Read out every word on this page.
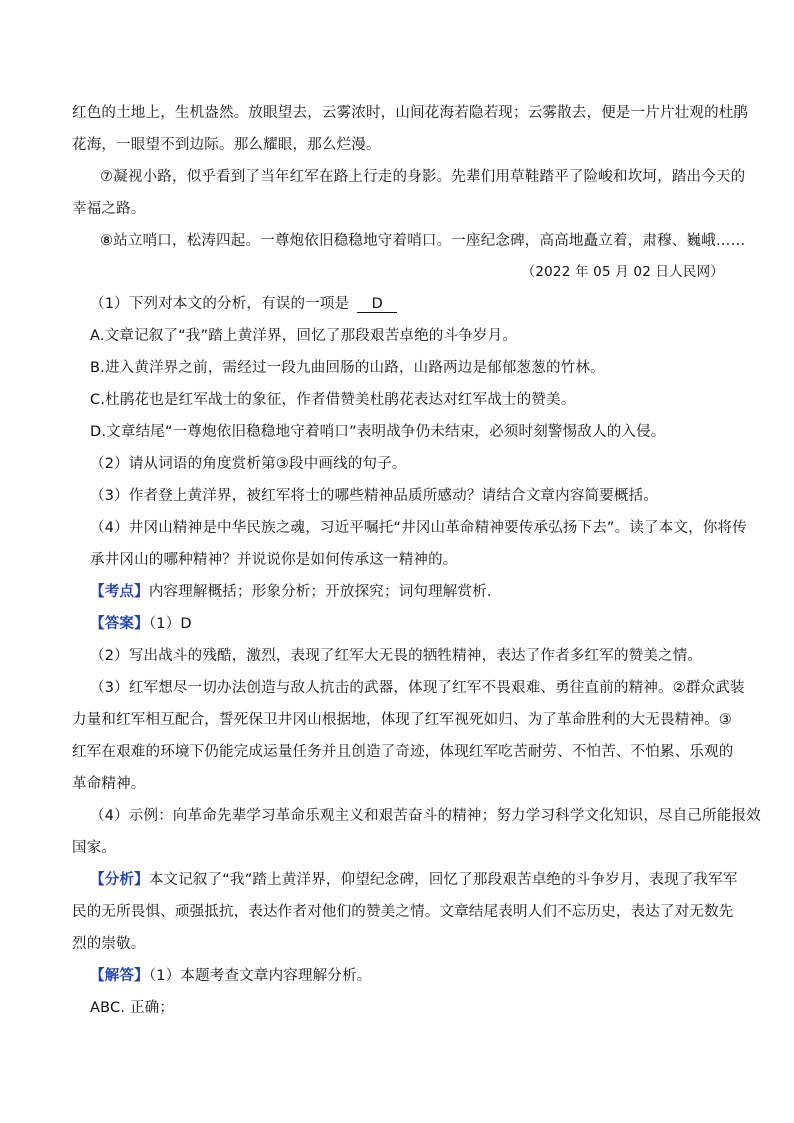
红色的土地上，生机盎然。放眼望去，云雾浓时，山间花海若隐若现；云雾散去，便是一片片壮观的杜鹃
花海，一眼望不到边际。那么耀眼，那么烂漫。
⑦凝视小路，似乎看到了当年红军在路上行走的身影。先辈们用草鞋踏平了险峻和坎坷，踏出今天的
幸福之路。
⑧站立哨口，松涛四起。一尊炮依旧稳稳地守着哨口。一座纪念碑，高高地矗立着，肃穆、巍峨……
（2022 年 05 月 02 日人民网）
（1）下列对本文的分析，有误的一项是 D
A.文章记叙了“我”踏上黄洋界，回忆了那段艰苦卓绝的斗争岁月。
B.进入黄洋界之前，需经过一段九曲回肠的山路，山路两边是郁郁葱葱的竹林。
C.杜鹃花也是红军战士的象征，作者借赞美杜鹃花表达对红军战士的赞美。
D.文章结尾“一尊炮依旧稳稳地守着哨口”表明战争仍未结束，必须时刻警惕敌人的入侵。
（2）请从词语的角度赏析第③段中画线的句子。
（3）作者登上黄洋界，被红军将士的哪些精神品质所感动？请结合文章内容简要概括。
（4）井冈山精神是中华民族之魂，习近平嘱托“井冈山革命精神要传承弘扬下去”。读了本文，你将传
承井冈山的哪种精神？并说说你是如何传承这一精神的。
【考点】内容理解概括；形象分析；开放探究；词句理解赏析．
【答案】（1）D
（2）写出战斗的残酷，激烈，表现了红军大无畏的牺牲精神，表达了作者多红军的赞美之情。
（3）红军想尽一切办法创造与敌人抗击的武器，体现了红军不畏艰难、勇往直前的精神。②群众武装
力量和红军相互配合，誓死保卫井冈山根据地，体现了红军视死如归、为了革命胜利的大无畏精神。③
红军在艰难的环境下仍能完成运量任务并且创造了奇迹，体现红军吃苦耐劳、不怕苦、不怕累、乐观的
革命精神。
（4）示例：向革命先辈学习革命乐观主义和艰苦奋斗的精神；努力学习科学文化知识，尽自己所能报效
国家。
【分析】本文记叙了“我”踏上黄洋界，仰望纪念碑，回忆了那段艰苦卓绝的斗争岁月，表现了我军军
民的无所畏惧、顽强抵抗，表达作者对他们的赞美之情。文章结尾表明人们不忘历史，表达了对无数先
烈的崇敬。
【解答】（1）本题考查文章内容理解分析。
ABC. 正确；
